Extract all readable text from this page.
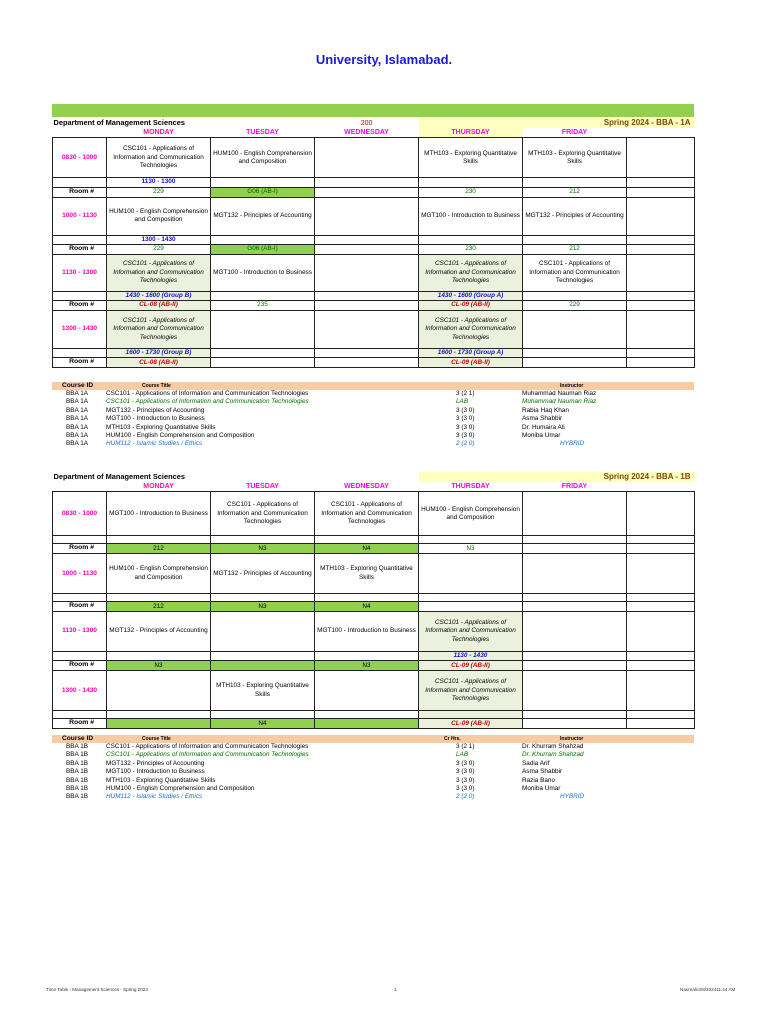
University, Islamabad.
Department of Management Sciences			200	Spring 2024 - BBA - 1A		
	MONDAY	TUESDAY	WEDNESDAY	THURSDAY	FRIDAY	
0830 - 1000	CSC101 - Applications of Information and Communication Technologies	HUM100 - English Comprehension and Composition		MTH103 - Exploring Quantitative Skills	MTH103 - Exploring Quantitative Skills	
	1130 - 1300					
Room #	229	G06 (AB-I)		230	212	
1000 - 1130	HUM100 - English Comprehension and Composition	MGT132 - Principles of Accounting		MGT100 - Introduction to Business	MGT132 - Principles of Accounting	
	1300 - 1430					
Room #	229	G06 (AB-I)		230	212	
1130 - 1300	CSC101 - Applications of Information and Communication Technologies	MGT100 - Introduction to Business		CSC101 - Applications of Information and Communication Technologies	CSC101 - Applications of Information and Communication Technologies	
	1430 - 1600 (Group B)			1430 - 1600 (Group A)		
Room #	CL-08 (AB-II)	235		CL-09 (AB-II)	229	
1300 - 1430	CSC101 - Applications of Information and Communication Technologies			CSC101 - Applications of Information and Communication Technologies		
	1600 - 1730 (Group B)			1600 - 1730 (Group A)		
Room #	CL-08 (AB-II)			CL-09 (AB-II)		
Course ID	Course Title	Instructor
BBA 1A	CSC101 - Applications of Information and Communication Technologies	3 (2 1)	Muhammad Nauman Riaz
BBA 1A	CSC101 - Applications of Information and Communication Technologies	LAB	Muhammad Nauman Riaz
BBA 1A	MGT132 - Principles of Accounting	3 (3 0)	Rabia Haq Khan
BBA 1A	MGT100 - Introduction to Business	3 (3 0)	Asma Shabbir
BBA 1A	MTH103 - Exploring Quantitative Skills	3 (3 0)	Dr. Humaira Ali
BBA 1A	HUM100 - English Comprehension and Composition	3 (3 0)	Moniba Umar
BBA 1A	HUM112 - Islamic Studies / Ethics	2 (2 0)	HYBRID
Department of Management Sciences				Spring 2024 - BBA - 1B		
	MONDAY	TUESDAY	WEDNESDAY	THURSDAY	FRIDAY	
0830 - 1000	MGT100 - Introduction to Business	CSC101 - Applications of Information and Communication Technologies	CSC101 - Applications of Information and Communication Technologies	HUM100 - English Comprehension and Composition		

Room #	212	N3	N4	N3		
1000 - 1130	HUM100 - English Comprehension and Composition	MGT132 - Principles of Accounting	MTH103 - Exploring Quantitative Skills			

Room #	212	N3	N4			
1130 - 1300	MGT132 - Principles of Accounting		MGT100 - Introduction to Business	CSC101 - Applications of Information and Communication Technologies		
				1130 - 1430		
Room #	N3		N3	CL-09 (AB-II)		
1300 - 1430		MTH103 - Exploring Quantitative Skills		CSC101 - Applications of Information and Communication Technologies		

Room #		N4		CL-09 (AB-II)		
Course ID	Course Title	Cr Hrs.	Instructor
BBA 1B	CSC101 - Applications of Information and Communication Technologies	3 (2 1)	Dr. Khurram Shahzad
BBA 1B	CSC101 - Applications of Information and Communication Technologies	LAB	Dr. Khurram Shahzad
BBA 1B	MGT132 - Principles of Accounting	3 (3 0)	Sadia Arif
BBA 1B	MGT100 - Introduction to Business	3 (3 0)	Asma Shabbir
BBA 1B	MTH103 - Exploring Quantitative Skills	3 (3 0)	Razia Bano
BBA 1B	HUM100 - English Comprehension and Composition	3 (3 0)	Moniba Umar
BBA 1B	HUM112 - Islamic Studies / Ethics	2 (2 0)	HYBRID
Time Table - Management Sciences - Spring 2024	1	Naumahi3/8/202411:44 AM
